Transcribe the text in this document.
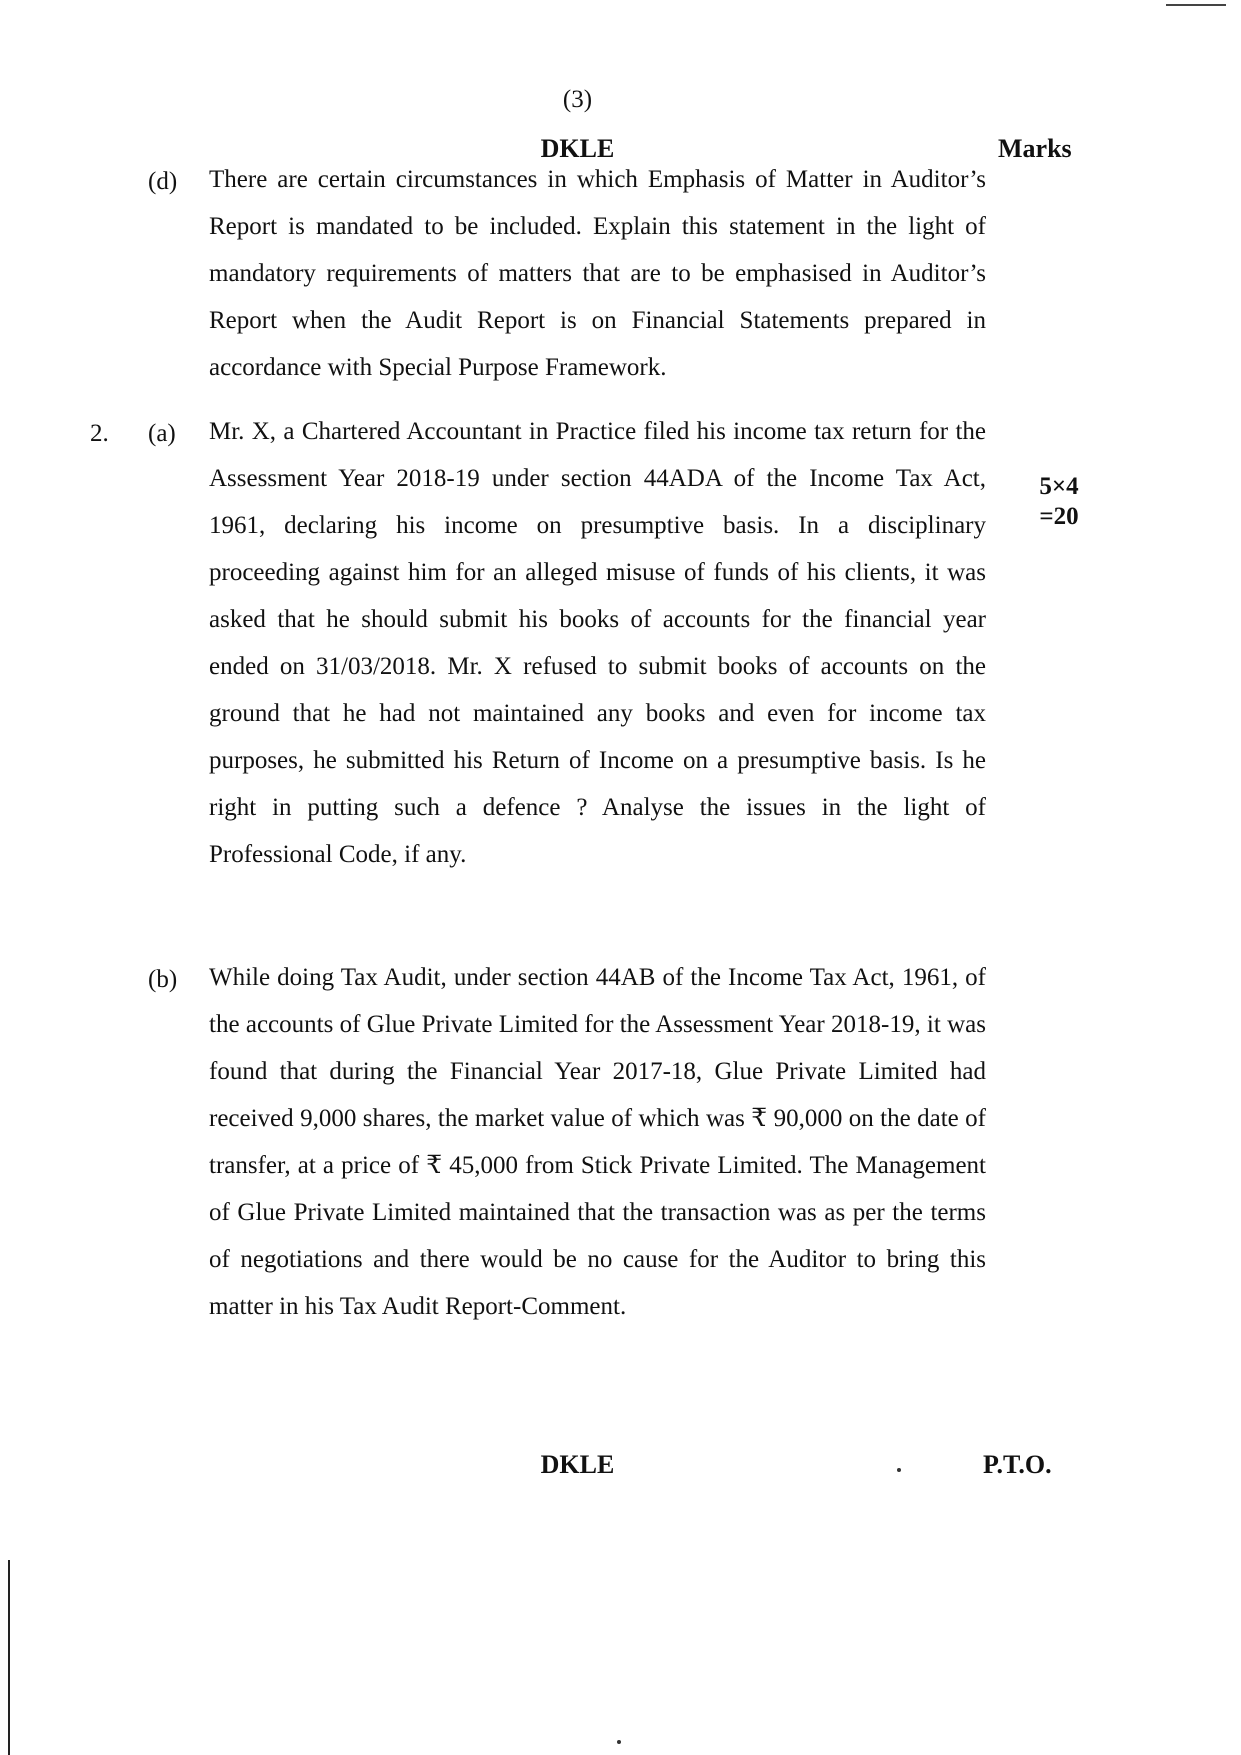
(3)
DKLE	Marks
(d) There are certain circumstances in which Emphasis of Matter in Auditor’s Report is mandated to be included. Explain this statement in the light of mandatory requirements of matters that are to be emphasised in Auditor’s Report when the Audit Report is on Financial Statements prepared in accordance with Special Purpose Framework.
2. (a) Mr. X, a Chartered Accountant in Practice filed his income tax return for the Assessment Year 2018-19 under section 44ADA of the Income Tax Act, 1961, declaring his income on presumptive basis. In a disciplinary proceeding against him for an alleged misuse of funds of his clients, it was asked that he should submit his books of accounts for the financial year ended on 31/03/2018. Mr. X refused to submit books of accounts on the ground that he had not maintained any books and even for income tax purposes, he submitted his Return of Income on a presumptive basis. Is he right in putting such a defence ? Analyse the issues in the light of Professional Code, if any.
5×4 =20
(b) While doing Tax Audit, under section 44AB of the Income Tax Act, 1961, of the accounts of Glue Private Limited for the Assessment Year 2018-19, it was found that during the Financial Year 2017-18, Glue Private Limited had received 9,000 shares, the market value of which was ₹ 90,000 on the date of transfer, at a price of ₹ 45,000 from Stick Private Limited. The Management of Glue Private Limited maintained that the transaction was as per the terms of negotiations and there would be no cause for the Auditor to bring this matter in his Tax Audit Report-Comment.
DKLE	P.T.O.
